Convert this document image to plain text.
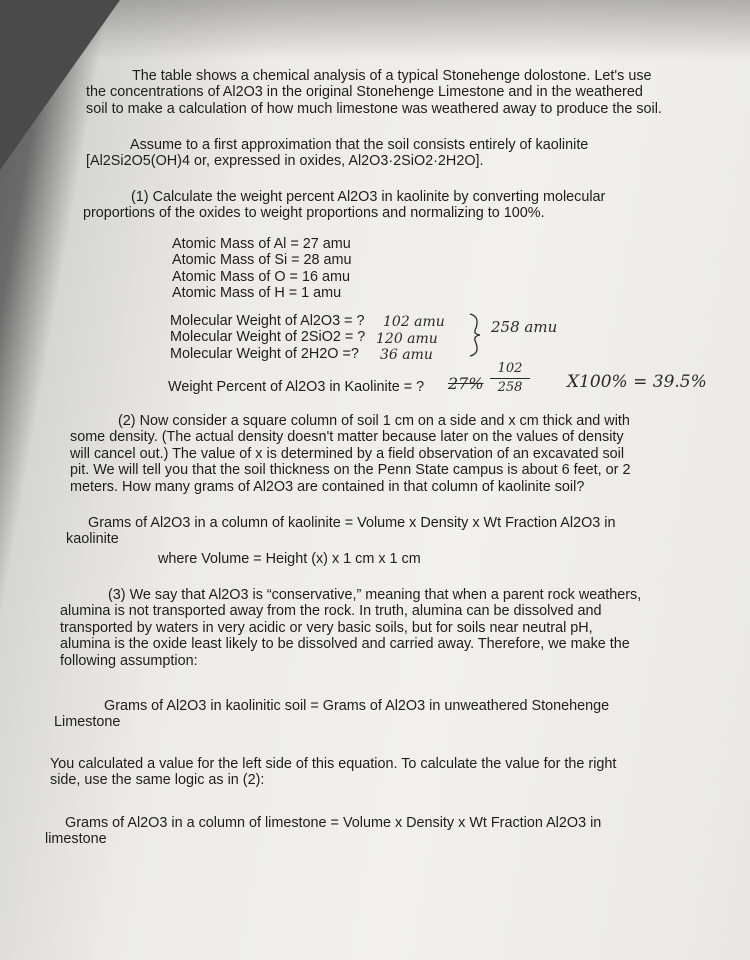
The table shows a chemical analysis of a typical Stonehenge dolostone. Let's use
the concentrations of Al2O3 in the original Stonehenge Limestone and in the weathered
soil to make a calculation of how much limestone was weathered away to produce the soil.
Assume to a first approximation that the soil consists entirely of kaolinite
[Al2Si2O5(OH)4 or, expressed in oxides, Al2O3·2SiO2·2H2O].
(1) Calculate the weight percent Al2O3 in kaolinite by converting molecular
proportions of the oxides to weight proportions and normalizing to 100%.
Atomic Mass of Al = 27 amu
Atomic Mass of Si = 28 amu
Atomic Mass of O = 16 amu
Atomic Mass of H = 1 amu
Molecular Weight of Al2O3 = ?
Molecular Weight of 2SiO2 = ?
Molecular Weight of 2H2O =?
Weight Percent of Al2O3 in Kaolinite = ?
102 amu
120 amu
36 amu
258 amu
$27\% \frac{102}{258} X100\% = 39.5\%$
(2) Now consider a square column of soil 1 cm on a side and x cm thick and with
some density. (The actual density doesn't matter because later on the values of density
will cancel out.) The value of x is determined by a field observation of an excavated soil
pit. We will tell you that the soil thickness on the Penn State campus is about 6 feet, or 2
meters. How many grams of Al2O3 are contained in that column of kaolinite soil?
Grams of Al2O3 in a column of kaolinite = Volume x Density x Wt Fraction Al2O3 in
kaolinite
where Volume = Height (x) x 1 cm x 1 cm
(3) We say that Al2O3 is “conservative,” meaning that when a parent rock weathers,
alumina is not transported away from the rock. In truth, alumina can be dissolved and
transported by waters in very acidic or very basic soils, but for soils near neutral pH,
alumina is the oxide least likely to be dissolved and carried away. Therefore, we make the
following assumption:
Grams of Al2O3 in kaolinitic soil = Grams of Al2O3 in unweathered Stonehenge
Limestone
You calculated a value for the left side of this equation. To calculate the value for the right
side, use the same logic as in (2):
Grams of Al2O3 in a column of limestone = Volume x Density x Wt Fraction Al2O3 in
limestone
